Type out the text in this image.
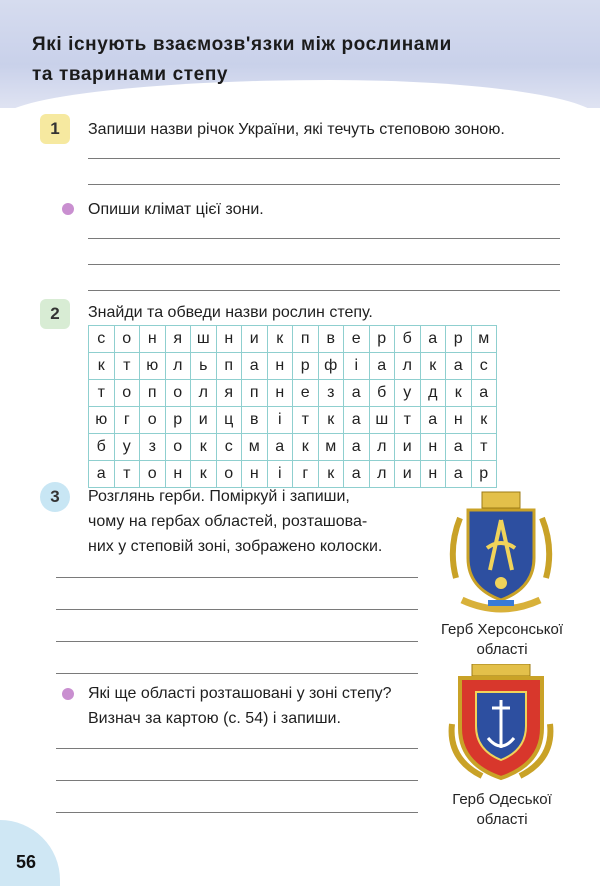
Які існують взаємозв'язки між рослинами
та тваринами степу
1	Запиши назви річок України, які течуть степовою зоною.
Опиши клімат цієї зони.
2	Знайди та обведи назви рослин степу.
с	о	н	я	ш	н	и	к	п	в	е	р	б	а	р	м
к	т	ю	л	ь	п	а	н	р	ф	і	а	л	к	а	с
т	о	п	о	л	я	п	н	е	з	а	б	у	д	к	а
ю	г	о	р	и	ц	в	і	т	к	а	ш	т	а	н	к
б	у	з	о	к	с	м	а	к	м	а	л	и	н	а	т
а	т	о	н	к	о	н	і	г	к	а	л	и	н	а	р
3	Розглянь герби. Поміркуй і запиши,
чому на гербах областей, розташова-
них у степовій зоні, зображено колоски.
Які ще області розташовані у зоні степу?
Визнач за картою (с. 54) і запиши.
Герб Херсонської
області
Герб Одеської
області
56
